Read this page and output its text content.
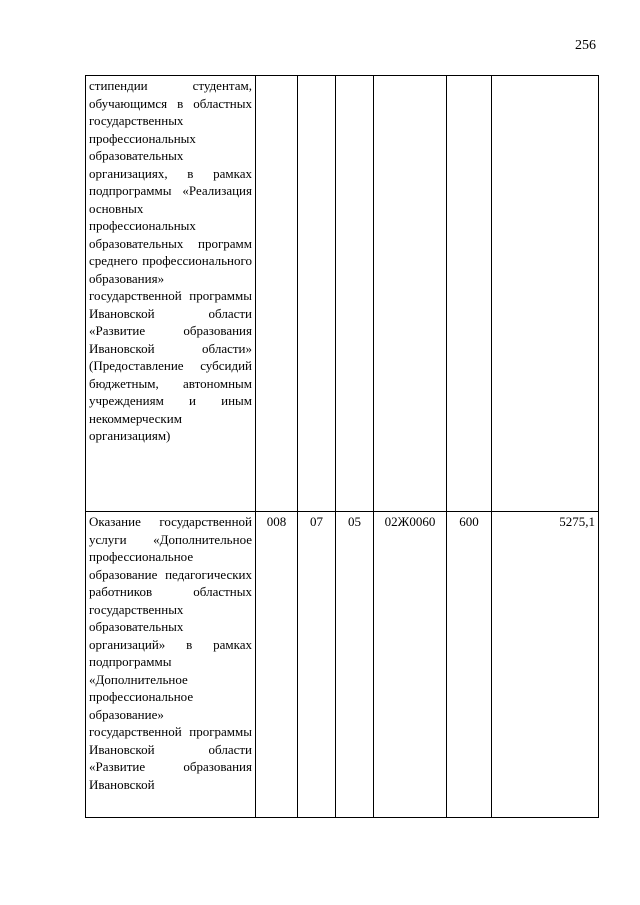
256
стипендии студентам, обучающимся в областных государственных профессиональных образовательных организациях, в рамках подпрограммы «Реализация основных профессиональных образовательных программ среднего профессионального образования» государственной программы Ивановской области «Развитие образования Ивановской области» (Предоставление субсидий бюджетным, автономным учреждениям и иным некоммерческим организациям)						
Оказание государственной услуги «Дополнительное профессиональное образование педагогических работников областных государственных образовательных организаций» в рамках подпрограммы «Дополнительное профессиональное образование» государственной программы Ивановской области «Развитие образования Ивановской	008	07	05	02Ж0060	600	5275,1
